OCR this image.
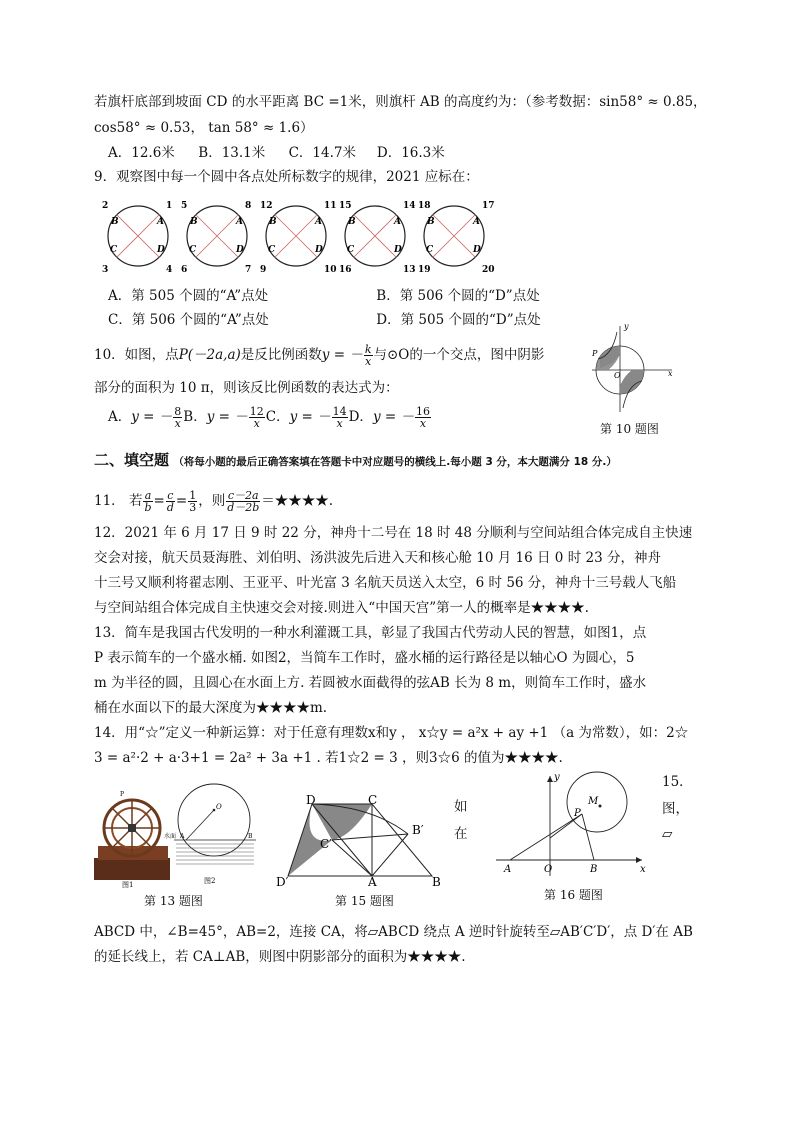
若旗杆底部到坡面 CD 的水平距离 BC =1米，则旗杆 AB 的高度约为：（参考数据：sin58° ≈ 0.85，
cos58° ≈ 0.53， tan 58° ≈ 1.6）
A．12.6米 B．13.1米 C．14.7米 D．16.3米
9．观察图中每一个圆中各点处所标数字的规律，2021 应标在：
2	1
3	4
B	A
C	D
5	8
6	7
B	A
C	D
12	11
9	10
B	A
C	D
15	14
16	13
B	A
C	D
18	17
19	20
B	A
C	D
A．第 505 个圆的“A”点处	B．第 506 个圆的“D”点处
C．第 506 个圆的“A”点处	D．第 505 个圆的“D”点处
10．如图，点P(－2a,a)是反比例函数y = － $\frac{k}{x}$ 与⊙O的一个交点，图中阴影
部分的面积为 10 π，则该反比例函数的表达式为：
A．y = － $\frac{8}{x}$ B．y = － $\frac{12}{x}$ C．y = － $\frac{14}{x}$ D．y = － $\frac{16}{x}$
y
x
O
P
第 10 题图
二、填空题 （将每小题的最后正确答案填在答题卡中对应题号的横线上.每小题 3 分，本大题满分 18 分.）
11． 若 $\frac{a}{b} = \frac{c}{d} = \frac{1}{3}$ ，则 $\frac{c-2a}{d-2b}$ ＝★★★★.
12．2021 年 6 月 17 日 9 时 22 分，神舟十二号在 18 时 48 分顺利与空间站组合体完成自主快速
交会对接，航天员聂海胜、刘伯明、汤洪波先后进入天和核心舱 10 月 16 日 0 时 23 分，神舟
十三号又顺利将翟志刚、王亚平、叶光富 3 名航天员送入太空，6 时 56 分，神舟十三号载人飞船
与空间站组合体完成自主快速交会对接.则进入“中国天宫”第一人的概率是★★★★.
13．简车是我国古代发明的一种水利灌溉工具，彰显了我国古代劳动人民的智慧，如图1，点
P 表示简车的一个盛水桶. 如图2，当简车工作时，盛水桶的运行路径是以轴心O 为圆心，5
m 为半径的圆，且圆心在水面上方. 若圆被水面截得的弦AB 长为 8 m，则简车工作时，盛水
桶在水面以下的最大深度为★★★★m.
14．用“☆”定义一种新运算：对于任意有理数x和y ， x☆y = a²x + ay +1 （a 为常数），如：2☆
3 = a²·2 + a·3+1 = 2a² + 3a +1 . 若1☆2 = 3 ，则3☆6 的值为★★★★.
P
图1
O
A	B
水面
图2
第 13 题图
D	C
B′
C′
D′	A	B
第 15 题图
如
在
15．
图，
▱
y
x
M
P
A	O	B
第 16 题图
ABCD 中，∠B=45°，AB=2，连接 CA，将▱ABCD 绕点 A 逆时针旋转至▱AB′C′D′，点 D′在 AB
的延长线上，若 CA⊥AB，则图中阴影部分的面积为★★★★.
